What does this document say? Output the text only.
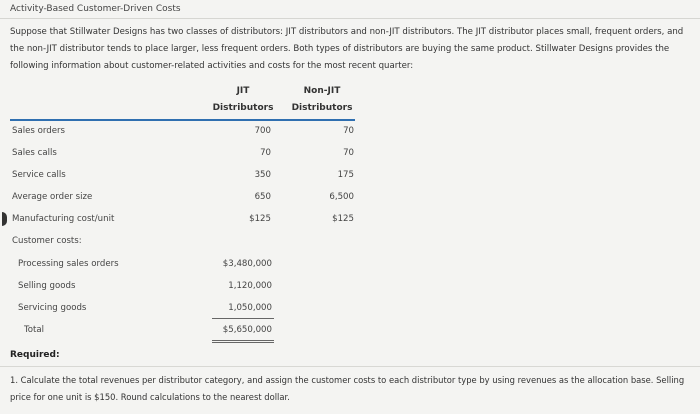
Activity-Based Customer-Driven Costs
Suppose that Stillwater Designs has two classes of distributors: JIT distributors and non-JIT distributors. The JIT distributor places small, frequent orders, and the non-JIT distributor tends to place larger, less frequent orders. Both types of distributors are buying the same product. Stillwater Designs provides the following information about customer-related activities and costs for the most recent quarter:
JIT
Distributors
Non-JIT
Distributors
Sales orders	700	70
Sales calls	70	70
Service calls	350	175
Average order size	650	6,500
Manufacturing cost/unit	$125	$125
Customer costs:
Processing sales orders	$3,480,000
Selling goods	1,120,000
Servicing goods	1,050,000
Total	$5,650,000
Required:
1. Calculate the total revenues per distributor category, and assign the customer costs to each distributor type by using revenues as the allocation base. Selling price for one unit is $150. Round calculations to the nearest dollar.
